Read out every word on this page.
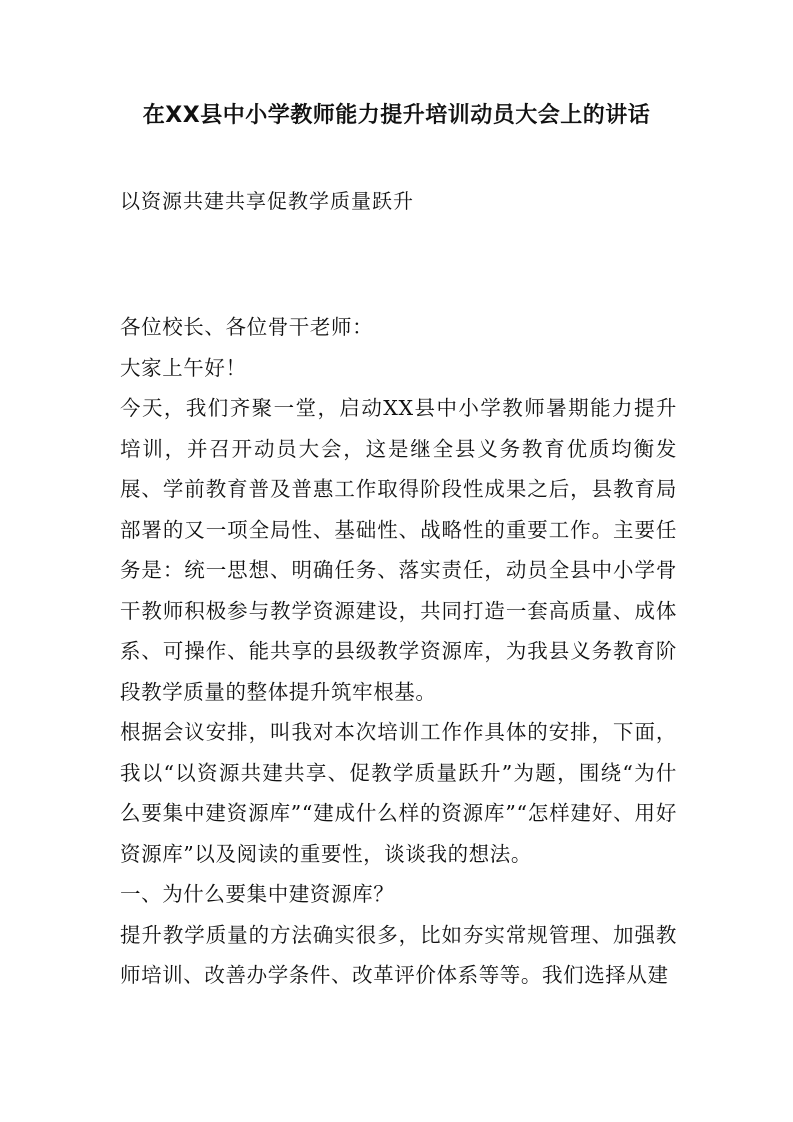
在XX县中小学教师能力提升培训动员大会上的讲话
以资源共建共享促教学质量跃升

各位校长、各位骨干老师：

大家上午好！

今天，我们齐聚一堂，启动XX县中小学教师暑期能力提升培训，并召开动员大会，这是继全县义务教育优质均衡发展、学前教育普及普惠工作取得阶段性成果之后，县教育局部署的又一项全局性、基础性、战略性的重要工作。主要任务是：统一思想、明确任务、落实责任，动员全县中小学骨干教师积极参与教学资源建设，共同打造一套高质量、成体系、可操作、能共享的县级教学资源库，为我县义务教育阶段教学质量的整体提升筑牢根基。

根据会议安排，叫我对本次培训工作作具体的安排，下面，我以“以资源共建共享、促教学质量跃升”为题，围绕“为什么要集中建资源库”“建成什么样的资源库”“怎样建好、用好资源库”以及阅读的重要性，谈谈我的想法。

一、为什么要集中建资源库？

提升教学质量的方法确实很多，比如夯实常规管理、加强教师培训、改善办学条件、改革评价体系等等。我们选择从建
